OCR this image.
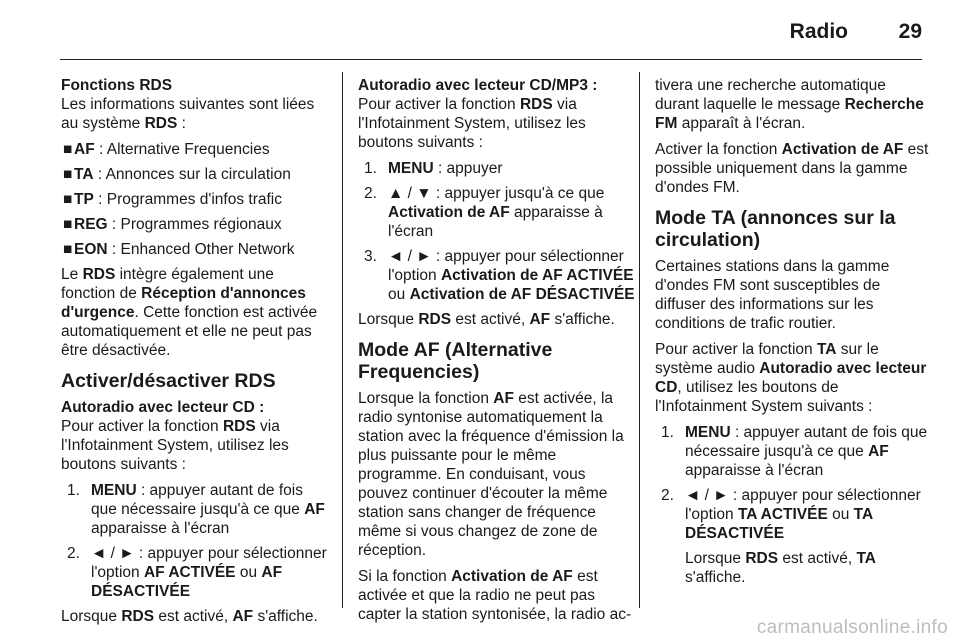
Radio 29

Fonctions RDS

Les informations suivantes sont liées au système RDS :

■ AF : Alternative Frequencies
■ TA : Annonces sur la circulation
■ TP : Programmes d'infos trafic
■ REG : Programmes régionaux
■ EON : Enhanced Other Network

Le RDS intègre également une fonction de Réception d'annonces d'urgence. Cette fonction est activée automatiquement et elle ne peut pas être désactivée.

Activer/désactiver RDS

Autoradio avec lecteur CD :

Pour activer la fonction RDS via l'Infotainment System, utilisez les boutons suivants :

1. MENU : appuyer autant de fois que nécessaire jusqu'à ce que AF apparaisse à l'écran
2. ◄ / ► : appuyer pour sélectionner l'option AF ACTIVÉE ou AF DÉSACTIVÉE

Lorsque RDS est activé, AF s'affiche.

Autoradio avec lecteur CD/MP3 :

Pour activer la fonction RDS via l'Infotainment System, utilisez les boutons suivants :

1. MENU : appuyer
2. ▲ / ▼ : appuyer jusqu'à ce que Activation de AF apparaisse à l'écran
3. ◄ / ► : appuyer pour sélectionner l'option Activation de AF ACTIVÉE ou Activation de AF DÉSACTIVÉE

Lorsque RDS est activé, AF s'affiche.

Mode AF (Alternative Frequencies)

Lorsque la fonction AF est activée, la radio syntonise automatiquement la station avec la fréquence d'émission la plus puissante pour le même programme. En conduisant, vous pouvez continuer d'écouter la même station sans changer de fréquence même si vous changez de zone de réception.

Si la fonction Activation de AF est activée et que la radio ne peut pas capter la station syntonisée, la radio ac-

tivera une recherche automatique durant laquelle le message Recherche FM apparaît à l'écran.

Activer la fonction Activation de AF est possible uniquement dans la gamme d'ondes FM.

Mode TA (annonces sur la circulation)

Certaines stations dans la gamme d'ondes FM sont susceptibles de diffuser des informations sur les conditions de trafic routier.

Pour activer la fonction TA sur le système audio Autoradio avec lecteur CD, utilisez les boutons de l'Infotainment System suivants :

1. MENU : appuyer autant de fois que nécessaire jusqu'à ce que AF apparaisse à l'écran
2. ◄ / ► : appuyer pour sélectionner l'option TA ACTIVÉE ou TA DÉSACTIVÉE
Lorsque RDS est activé, TA s'affiche.
carmanualsonline.info
